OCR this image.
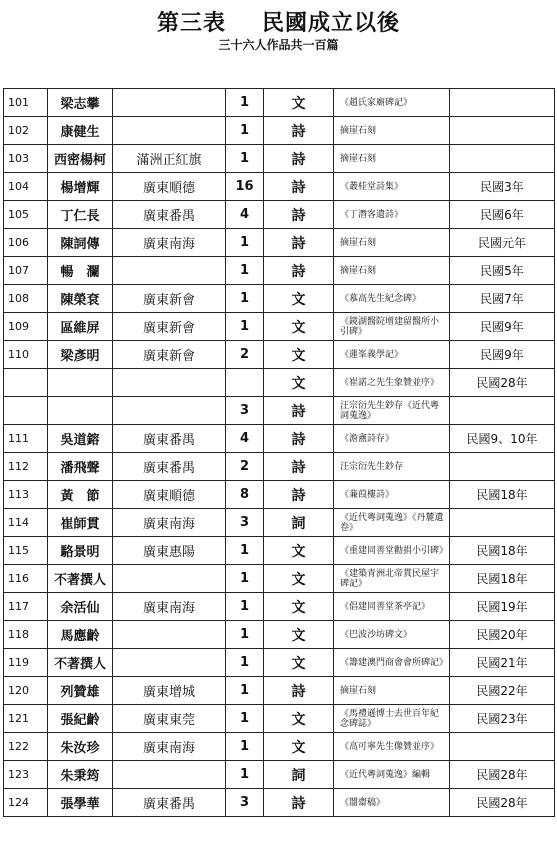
第三表 民國成立以後
三十六人作品共一百篇
101	梁志攀		1	文	《趙氏家廟碑記》	
102	康健生		1	詩	摘崖石刻	
103	西密楊柯	滿洲正紅旗	1	詩	摘崖石刻	
104	楊增輝	廣東順德	16	詩	《叢桂堂詩集》	民國3年
105	丁仁長	廣東番禺	4	詩	《丁潛客遺詩》	民國6年
106	陳詞傳	廣東南海	1	詩	摘崖石刻	民國元年
107	暢　瀾		1	詩	摘崖石刻	民國5年
108	陳榮袞	廣東新會	1	文	《慕高先生紀念碑》	民國7年
109	區維屏	廣東新會	1	文	《鏡湖醫院增建留醫所小引碑》	民國9年
110	梁彥明	廣東新會	2	文	《蓮峯義學記》	民國9年
				文	《崔諾之先生象贊並序》	民國28年
			3	詩	汪宗衍先生鈔存《近代粵詞蒐逸》	
111	吳道鎔	廣東番禺	4	詩	《澹盦詩存》	民國9、10年
112	潘飛聲	廣東番禺	2	詩	汪宗衍先生鈔存	
113	黃　節	廣東順德	8	詩	《蒹葭樓詩》	民國18年
114	崔師貫	廣東南海	3	詞	《近代粵詞蒐逸》《丹麓遺卷》	
115	駱景明	廣東惠陽	1	文	《重建同善堂勸捐小引碑》	民國18年
116	不著撰人		1	文	《建築青洲北帝貫民屋宇碑記》	民國18年
117	余活仙	廣東南海	1	文	《倡建同善堂茶亭記》	民國19年
118	馬應齡		1	文	《巴波沙坊碑文》	民國20年
119	不著撰人		1	文	《籌建澳門商會會所碑記》	民國21年
120	列贊雄	廣東增城	1	詩	摘崖石刻	民國22年
121	張紀齡	廣東東莞	1	文	《馬禮遜博士去世百年紀念碑誌》	民國23年
122	朱汝珍	廣東南海	1	文	《高可寧先生像贊並序》	
123	朱秉筠		1	詞	《近代粵詞蒐逸》編輯	民國28年
124	張學華	廣東番禺	3	詩	《闇齋稿》	民國28年
